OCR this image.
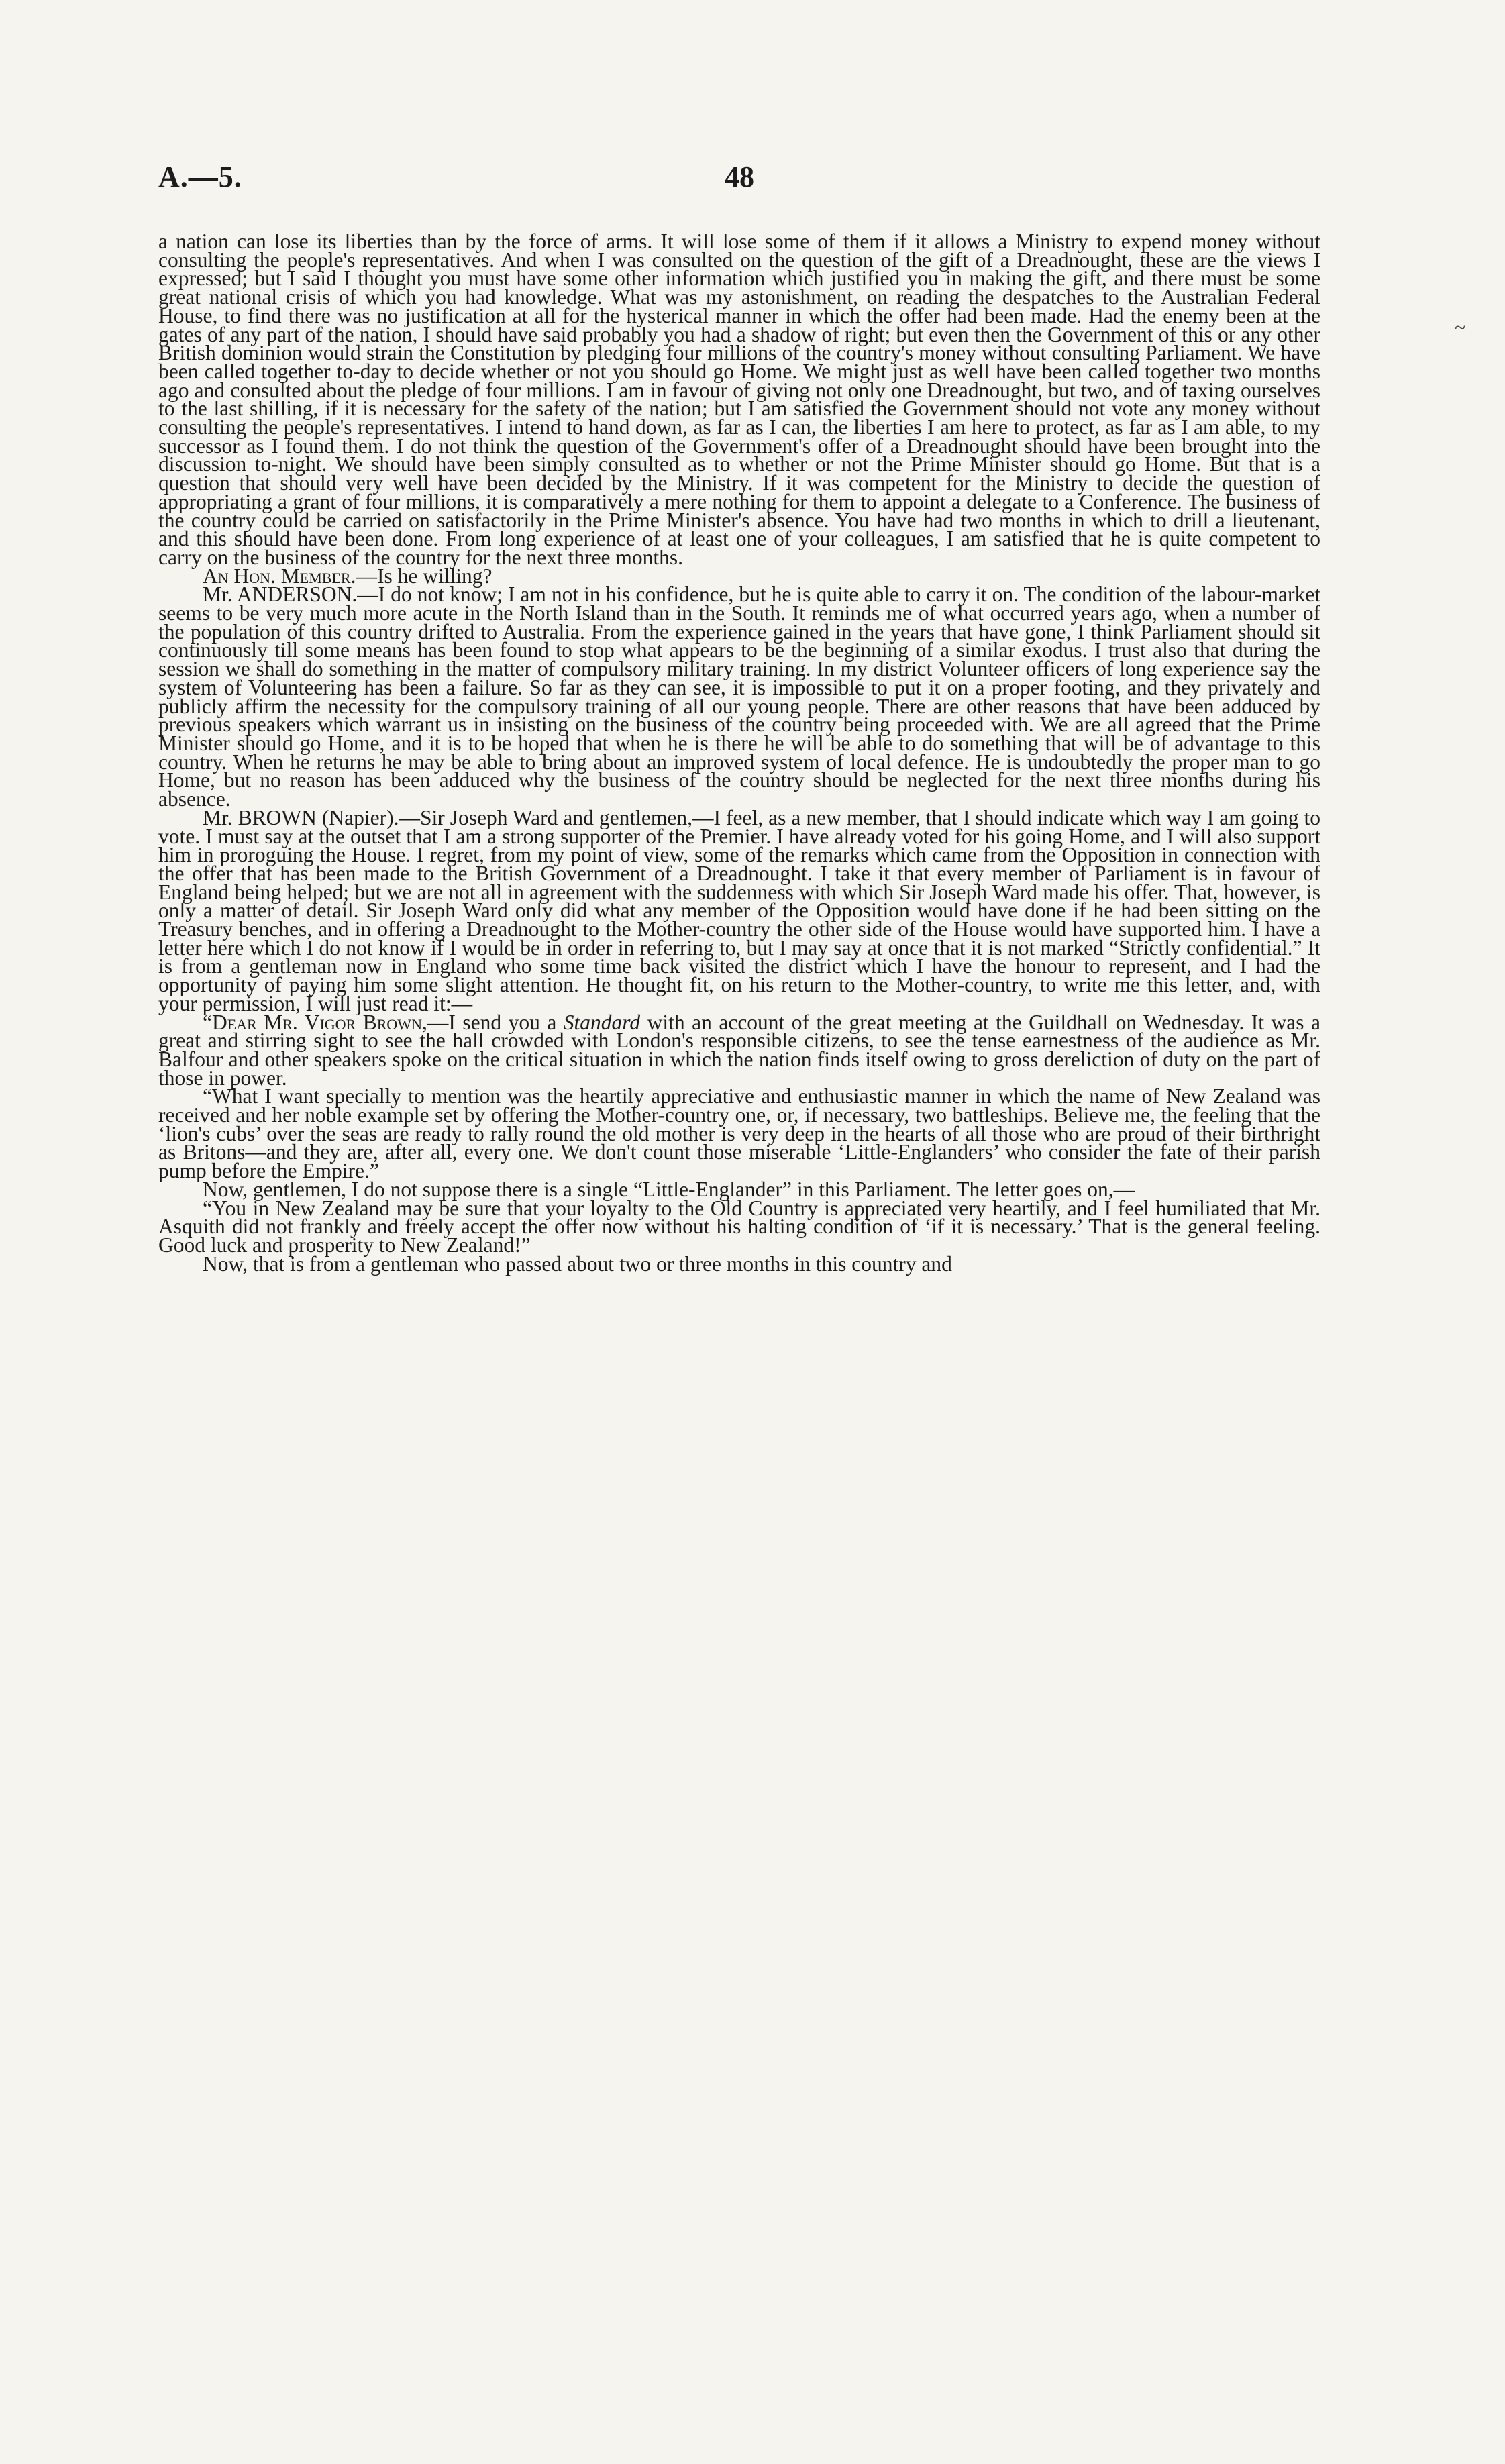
A.—5.	48
~

a nation can lose its liberties than by the force of arms. It will lose some of them if it allows a Ministry to expend money without consulting the people's representatives. And when I was consulted on the question of the gift of a Dreadnought, these are the views I expressed; but I said I thought you must have some other information which justified you in making the gift, and there must be some great national crisis of which you had knowledge. What was my astonishment, on reading the despatches to the Australian Federal House, to find there was no justification at all for the hysterical manner in which the offer had been made. Had the enemy been at the gates of any part of the nation, I should have said probably you had a shadow of right; but even then the Government of this or any other British dominion would strain the Constitution by pledging four millions of the country's money without consulting Parliament. We have been called together to-day to decide whether or not you should go Home. We might just as well have been called together two months ago and consulted about the pledge of four millions. I am in favour of giving not only one Dreadnought, but two, and of taxing ourselves to the last shilling, if it is necessary for the safety of the nation; but I am satisfied the Government should not vote any money without consulting the people's representatives. I intend to hand down, as far as I can, the liberties I am here to protect, as far as I am able, to my successor as I found them. I do not think the question of the Government's offer of a Dreadnought should have been brought into the discussion to-night. We should have been simply consulted as to whether or not the Prime Minister should go Home. But that is a question that should very well have been decided by the Ministry. If it was competent for the Ministry to decide the question of appropriating a grant of four millions, it is comparatively a mere nothing for them to appoint a delegate to a Conference. The business of the country could be carried on satisfactorily in the Prime Minister's absence. You have had two months in which to drill a lieutenant, and this should have been done. From long experience of at least one of your colleagues, I am satisfied that he is quite competent to carry on the business of the country for the next three months.

An Hon. Member.—Is he willing?

Mr. ANDERSON.—I do not know; I am not in his confidence, but he is quite able to carry it on. The condition of the labour-market seems to be very much more acute in the North Island than in the South. It reminds me of what occurred years ago, when a number of the population of this country drifted to Australia. From the experience gained in the years that have gone, I think Parliament should sit continuously till some means has been found to stop what appears to be the beginning of a similar exodus. I trust also that during the session we shall do something in the matter of compulsory military training. In my district Volunteer officers of long experience say the system of Volunteering has been a failure. So far as they can see, it is impossible to put it on a proper footing, and they privately and publicly affirm the necessity for the compulsory training of all our young people. There are other reasons that have been adduced by previous speakers which warrant us in insisting on the business of the country being proceeded with. We are all agreed that the Prime Minister should go Home, and it is to be hoped that when he is there he will be able to do something that will be of advantage to this country. When he returns he may be able to bring about an improved system of local defence. He is undoubtedly the proper man to go Home, but no reason has been adduced why the business of the country should be neglected for the next three months during his absence.

Mr. BROWN (Napier).—Sir Joseph Ward and gentlemen,—I feel, as a new member, that I should indicate which way I am going to vote. I must say at the outset that I am a strong supporter of the Premier. I have already voted for his going Home, and I will also support him in proroguing the House. I regret, from my point of view, some of the remarks which came from the Opposition in connection with the offer that has been made to the British Government of a Dreadnought. I take it that every member of Parliament is in favour of England being helped; but we are not all in agreement with the suddenness with which Sir Joseph Ward made his offer. That, however, is only a matter of detail. Sir Joseph Ward only did what any member of the Opposition would have done if he had been sitting on the Treasury benches, and in offering a Dreadnought to the Mother-country the other side of the House would have supported him. I have a letter here which I do not know if I would be in order in referring to, but I may say at once that it is not marked “Strictly confidential.” It is from a gentleman now in England who some time back visited the district which I have the honour to represent, and I had the opportunity of paying him some slight attention. He thought fit, on his return to the Mother-country, to write me this letter, and, with your permission, I will just read it:—

“Dear Mr. Vigor Brown,—I send you a Standard with an account of the great meeting at the Guildhall on Wednesday. It was a great and stirring sight to see the hall crowded with London's responsible citizens, to see the tense earnestness of the audience as Mr. Balfour and other speakers spoke on the critical situation in which the nation finds itself owing to gross dereliction of duty on the part of those in power.

“What I want specially to mention was the heartily appreciative and enthusiastic manner in which the name of New Zealand was received and her noble example set by offering the Mother-country one, or, if necessary, two battleships. Believe me, the feeling that the ‘lion's cubs’ over the seas are ready to rally round the old mother is very deep in the hearts of all those who are proud of their birthright as Britons—and they are, after all, every one. We don't count those miserable ‘Little-Englanders’ who consider the fate of their parish pump before the Empire.”

Now, gentlemen, I do not suppose there is a single “Little-Englander” in this Parliament. The letter goes on,—

“You in New Zealand may be sure that your loyalty to the Old Country is appreciated very heartily, and I feel humiliated that Mr. Asquith did not frankly and freely accept the offer now without his halting condition of ‘if it is necessary.’ That is the general feeling. Good luck and prosperity to New Zealand!”

Now, that is from a gentleman who passed about two or three months in this country and
